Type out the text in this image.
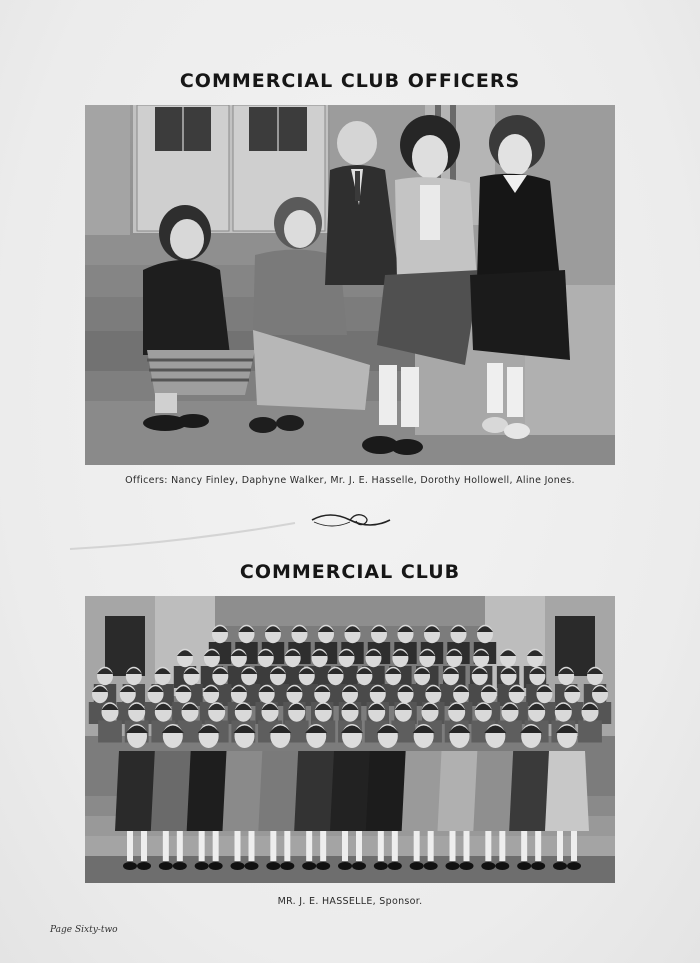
COMMERCIAL CLUB OFFICERS
Officers: Nancy Finley, Daphyne Walker, Mr. J. E. Hasselle, Dorothy Hollowell, Aline Jones.
COMMERCIAL CLUB
MR. J. E. HASSELLE, Sponsor.
Page Sixty-two
